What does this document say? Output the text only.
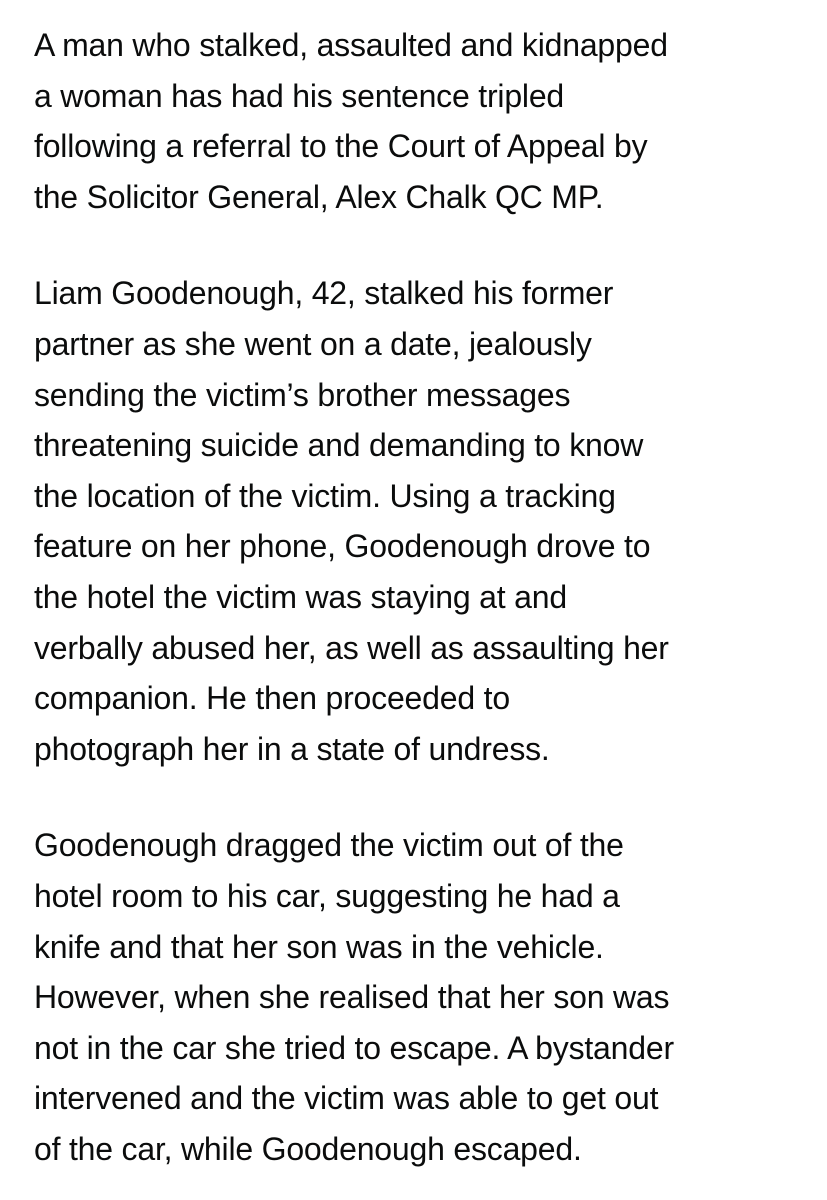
A man who stalked, assaulted and kidnapped
a woman has had his sentence tripled
following a referral to the Court of Appeal by
the Solicitor General, Alex Chalk QC MP.

Liam Goodenough, 42, stalked his former
partner as she went on a date, jealously
sending the victim’s brother messages
threatening suicide and demanding to know
the location of the victim. Using a tracking
feature on her phone, Goodenough drove to
the hotel the victim was staying at and
verbally abused her, as well as assaulting her
companion. He then proceeded to
photograph her in a state of undress.

Goodenough dragged the victim out of the
hotel room to his car, suggesting he had a
knife and that her son was in the vehicle.
However, when she realised that her son was
not in the car she tried to escape. A bystander
intervened and the victim was able to get out
of the car, while Goodenough escaped.
